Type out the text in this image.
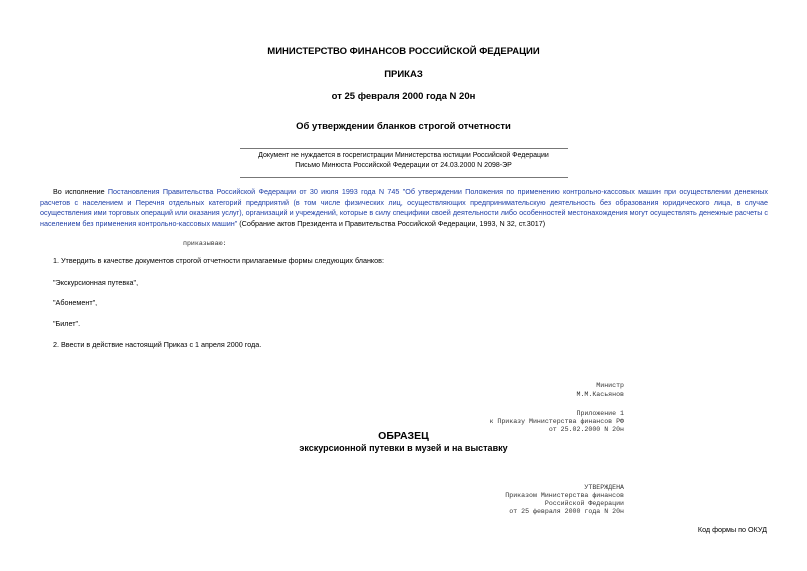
МИНИСТЕРСТВО ФИНАНСОВ РОССИЙСКОЙ ФЕДЕРАЦИИ
ПРИКАЗ
от 25 февраля 2000 года N 20н
Об утверждении бланков строгой отчетности
Документ не нуждается в госрегистрации Министерства юстиции Российской Федерации
Письмо Минюста Российской Федерации от 24.03.2000 N 2098-ЭР
Во исполнение Постановления Правительства Российской Федерации от 30 июля 1993 года N 745 "Об утверждении Положения по применению контрольно-кассовых машин при осуществлении денежных расчетов с населением и Перечня отдельных категорий предприятий (в том числе физических лиц, осуществляющих предпринимательскую деятельность без образования юридического лица, в случае осуществления ими торговых операций или оказания услуг), организаций и учреждений, которые в силу специфики своей деятельности либо особенностей местонахождения могут осуществлять денежные расчеты с населением без применения контрольно-кассовых машин" (Собрание актов Президента и Правительства Российской Федерации, 1993, N 32, ст.3017)
приказываю:
1. Утвердить в качестве документов строгой отчетности прилагаемые формы следующих бланков:
"Экскурсионная путевка",
"Абонемент",
"Билет".
2. Ввести в действие настоящий Приказ с 1 апреля 2000 года.
Министр
М.М.Касьянов
Приложение 1
к Приказу Министерства финансов РФ
от 25.02.2000 N 20н
ОБРАЗЕЦ
экскурсионной путевки в музей и на выставку
УТВЕРЖДЕНА
Приказом Министерства финансов
Российской Федерации
от 25 февраля 2000 года N 20н
Код формы по ОКУД
